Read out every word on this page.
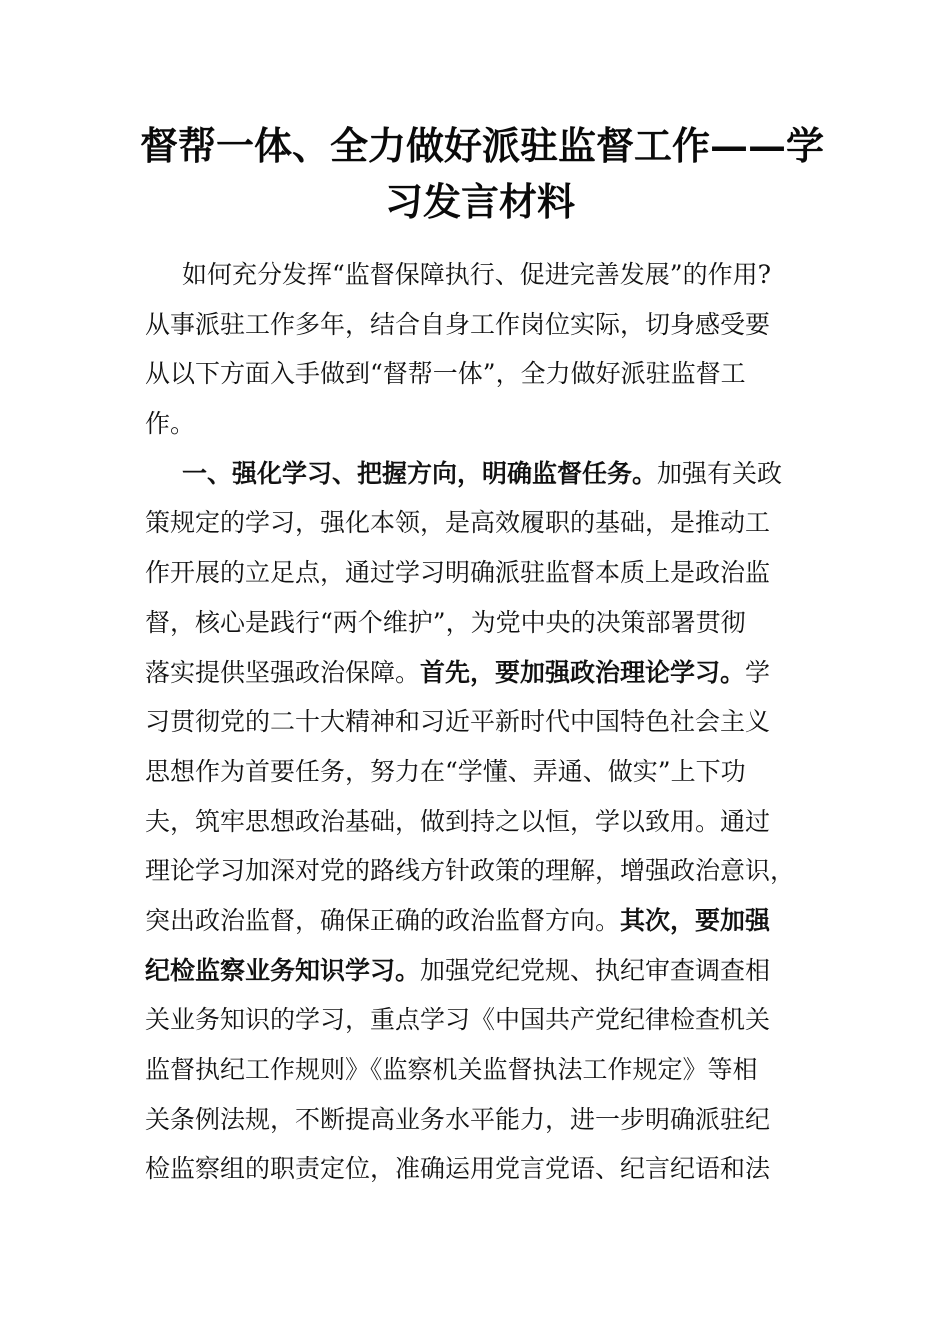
督帮一体、全力做好派驻监督工作——学
习发言材料
如何充分发挥“监督保障执行、促进完善发展”的作用?
从事派驻工作多年，结合自身工作岗位实际，切身感受要
从以下方面入手做到“督帮一体”，全力做好派驻监督工
作。
一、强化学习、把握方向，明确监督任务。加强有关政
策规定的学习，强化本领，是高效履职的基础，是推动工
作开展的立足点，通过学习明确派驻监督本质上是政治监
督，核心是践行“两个维护”，为党中央的决策部署贯彻
落实提供坚强政治保障。首先，要加强政治理论学习。学
习贯彻党的二十大精神和习近平新时代中国特色社会主义
思想作为首要任务，努力在“学懂、弄通、做实”上下功
夫，筑牢思想政治基础，做到持之以恒，学以致用。通过
理论学习加深对党的路线方针政策的理解，增强政治意识，
突出政治监督，确保正确的政治监督方向。其次，要加强
纪检监察业务知识学习。加强党纪党规、执纪审查调查相
关业务知识的学习，重点学习《中国共产党纪律检查机关
监督执纪工作规则》《监察机关监督执法工作规定》等相
关条例法规，不断提高业务水平能力，进一步明确派驻纪
检监察组的职责定位，准确运用党言党语、纪言纪语和法
